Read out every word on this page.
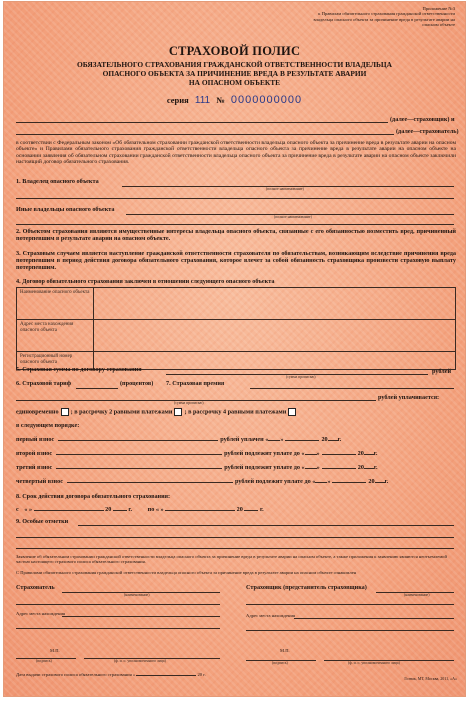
Приложение №3
к Правилам обязательного страхования гражданской ответственности владельца опасного объекта за причинение вреда в результате аварии на опасном объекте
СТРАХОВОЙ ПОЛИС
ОБЯЗАТЕЛЬНОГО СТРАХОВАНИЯ ГРАЖДАНСКОЙ ОТВЕТСТВЕННОСТИ ВЛАДЕЛЬЦА
ОПАСНОГО ОБЪЕКТА ЗА ПРИЧИНЕНИЕ ВРЕДА В РЕЗУЛЬТАТЕ АВАРИИ
НА ОПАСНОМ ОБЪЕКТЕ
серия 111 № 0000000000
(далее—страховщик) и
(далее—страхователь)
в соответствии с Федеральным законом «Об обязательном страховании гражданской ответственности владельца опасного объекта за причинение вреда в результате аварии на опасном объекте» и Правилами обязательного страхования гражданской ответственности владельца опасного объекта за причинение вреда в результате аварии на опасном объекте на основании заявления об обязательном страховании гражданской ответственности владельца опасного объекта за причинение вреда в результате аварии на опасном объекте заключили настоящий договор обязательного страхования.
1. Владелец опасного объекта
(полное наименование)
Иные владельцы опасного объекта
(полное наименование)
2. Объектом страхования являются имущественные интересы владельца опасного объекта, связанные с его обязанностью возместить вред, причиненный потерпевшим в результате аварии на опасном объекте.
3. Страховым случаем является наступление гражданской ответственности страхователя по обязательствам, возникающим вследствие причинения вреда потерпевшим в период действия договора обязательного страхования, которое влечет за собой обязанность страховщика произвести страховую выплату потерпевшим.
4. Договор обязательного страхования заключен в отношении следующего опасного объекта
Наименование опасного объекта	
Адрес места нахождения опасного объекта	
Регистрационный номер опасного объекта	
5. Страховая сумма по договору страхования
(сумма прописью)
рублей
6. Страховой тариф	(процентов) 7. Страховая премия
(сумма прописью)
рублей уплачивается:
единовременно ; в рассрочку 2 равными платежами ; в рассрочку 4 равными платежами
в следующем порядке:
8. Срок действия договора обязательного страхования:
с « »	20	г.	по « »	20	г.
9. Особые отметки
Заявление об обязательном страховании гражданской ответственности владельца опасного объекта за причинение вреда в результате аварии на опасном объекте, а также приложения к заявлению являются неотъемлемой частью настоящего страхового полиса обязательного страхования.
С Правилами обязательного страхования гражданской ответственности владельца опасного объекта за причинение вреда в результате аварии на опасном объекте ознакомлен
Страхователь
(наименование)
Страховщик (представитель страховщика)
(наименование)
Адрес места нахождения	Адрес места нахождения
М.П.	М.П.
(подпись)	(ф. и. о. уполномоченного лица)	(подпись)	(ф. и. о. уполномоченного лица)
Дата выдачи страхового полиса обязательного страхования «	20 г.
Гознак, МТ, Москва, 2011, «А»
первый взнос	рублей уплачен « »	20 г.
второй взнос	рублей подлежит уплате до « »	20 г.
третий взнос	рублей подлежит уплате до « »	20 г.
четвертый взнос	рублей подлежит уплате до « »	20 г.
